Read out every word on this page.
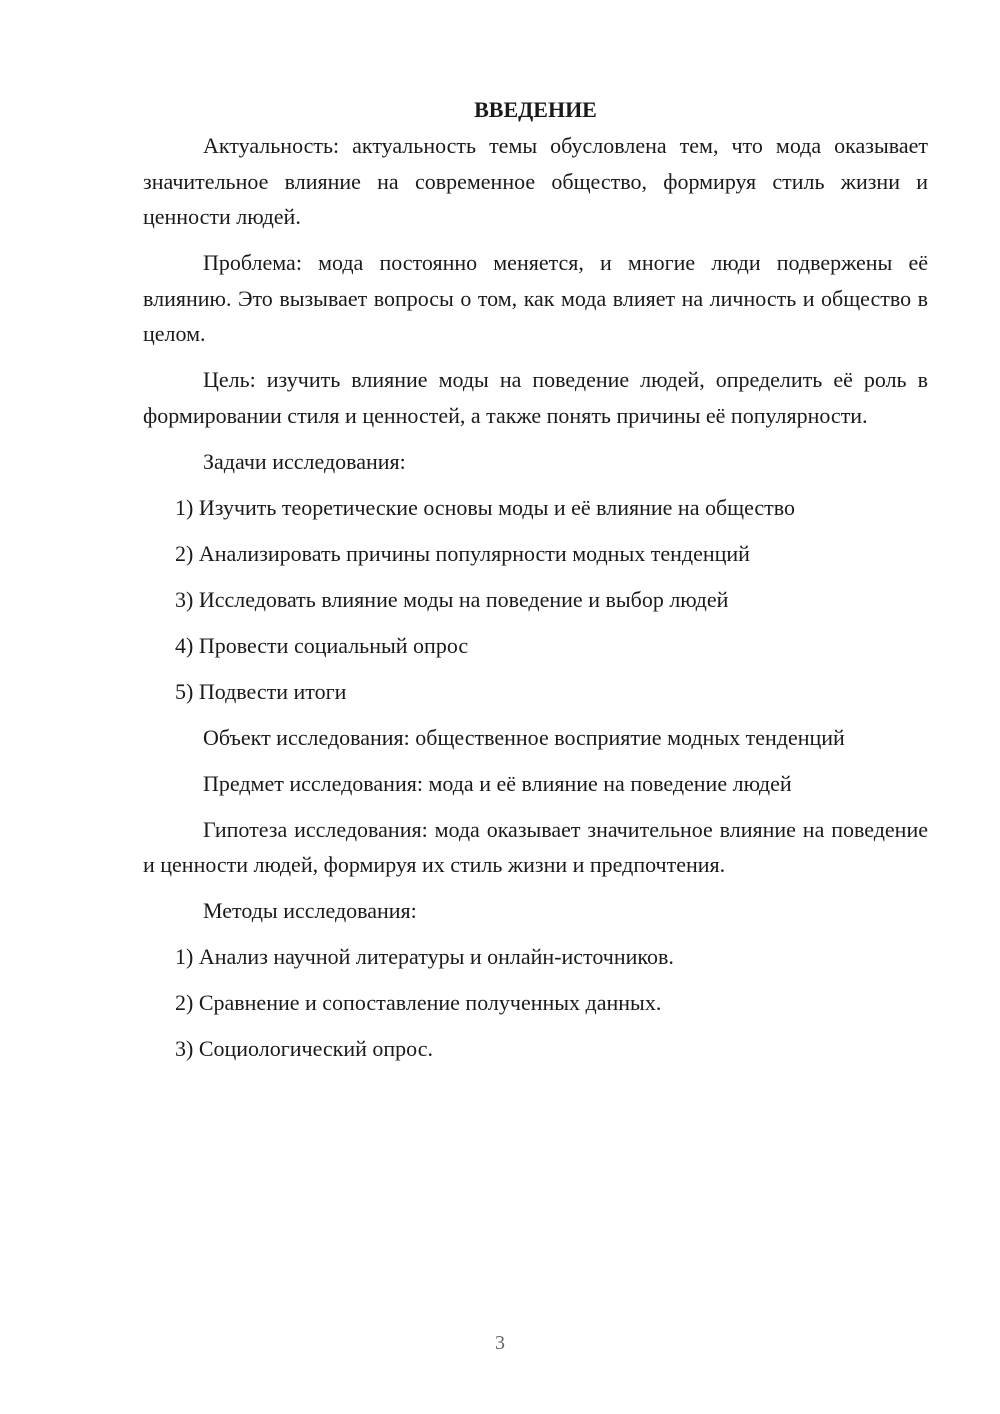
ВВЕДЕНИЕ
Актуальность: актуальность темы обусловлена тем, что мода оказывает значительное влияние на современное общество, формируя стиль жизни и ценности людей.
Проблема: мода постоянно меняется, и многие люди подвержены её влиянию. Это вызывает вопросы о том, как мода влияет на личность и общество в целом.
Цель: изучить влияние моды на поведение людей, определить её роль в формировании стиля и ценностей, а также понять причины её популярности.
Задачи исследования:
1) Изучить теоретические основы моды и её влияние на общество
2) Анализировать причины популярности модных тенденций
3) Исследовать влияние моды на поведение и выбор людей
4) Провести социальный опрос
5) Подвести итоги
Объект исследования: общественное восприятие модных тенденций
Предмет исследования: мода и её влияние на поведение людей
Гипотеза исследования: мода оказывает значительное влияние на поведение и ценности людей, формируя их стиль жизни и предпочтения.
Методы исследования:
1) Анализ научной литературы и онлайн-источников.
2) Сравнение и сопоставление полученных данных.
3) Социологический опрос.
3
